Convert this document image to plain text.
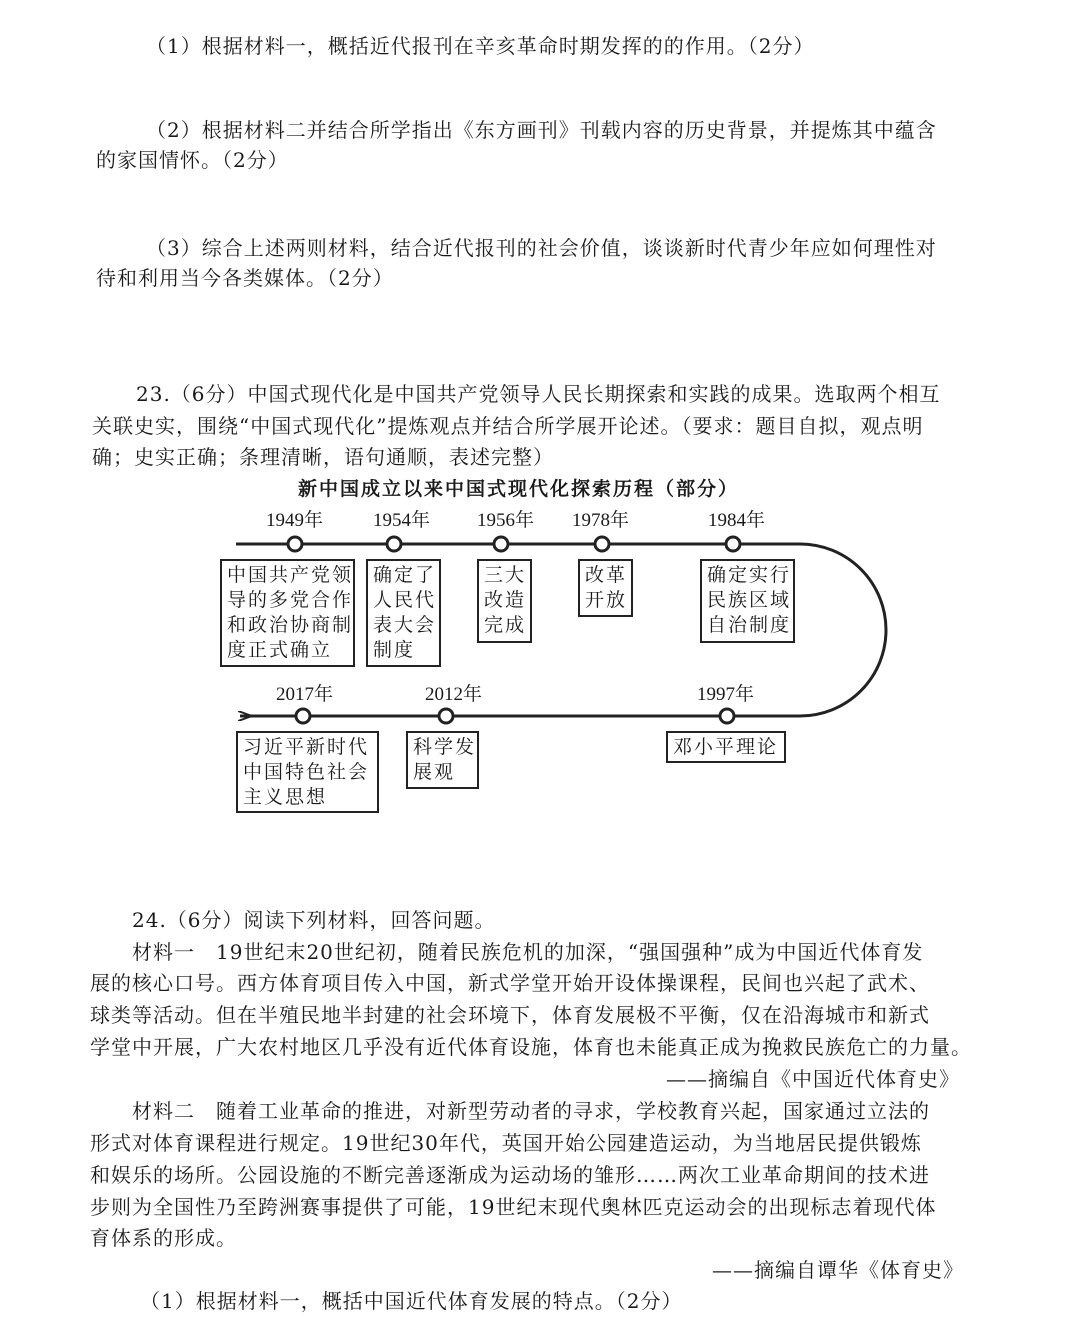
（1）根据材料一，概括近代报刊在辛亥革命时期发挥的的作用。（2分）
（2）根据材料二并结合所学指出《东方画刊》刊载内容的历史背景，并提炼其中蕴含
的家国情怀。（2分）
（3）综合上述两则材料，结合近代报刊的社会价值，谈谈新时代青少年应如何理性对
待和利用当今各类媒体。（2分）
23.（6分）中国式现代化是中国共产党领导人民长期探索和实践的成果。选取两个相互
关联史实，围绕“中国式现代化”提炼观点并结合所学展开论述。（要求：题目自拟，观点明
确；史实正确；条理清晰，语句通顺，表述完整）
新中国成立以来中国式现代化探索历程（部分）
1949年	1954年 1956年 1978年	1984年
1997年
2012年
2017年
中国共产党领
导的多党合作
和政治协商制
度正式确立
确定了
人民代
表大会
制度
三大
改造
完成
改革
开放
确定实行
民族区域
自治制度
邓小平理论
科学发
展观
习近平新时代
中国特色社会
主义思想
24.（6分）阅读下列材料，回答问题。
材料一　19世纪末20世纪初，随着民族危机的加深，“强国强种”成为中国近代体育发
展的核心口号。西方体育项目传入中国，新式学堂开始开设体操课程，民间也兴起了武术、
球类等活动。但在半殖民地半封建的社会环境下，体育发展极不平衡，仅在沿海城市和新式
学堂中开展，广大农村地区几乎没有近代体育设施，体育也未能真正成为挽救民族危亡的力量。
——摘编自《中国近代体育史》
材料二　随着工业革命的推进，对新型劳动者的寻求，学校教育兴起，国家通过立法的
形式对体育课程进行规定。19世纪30年代，英国开始公园建造运动，为当地居民提供锻炼
和娱乐的场所。公园设施的不断完善逐渐成为运动场的雏形……两次工业革命期间的技术进
步则为全国性乃至跨洲赛事提供了可能，19世纪末现代奥林匹克运动会的出现标志着现代体
育体系的形成。
——摘编自谭华《体育史》
（1）根据材料一，概括中国近代体育发展的特点。（2分）
